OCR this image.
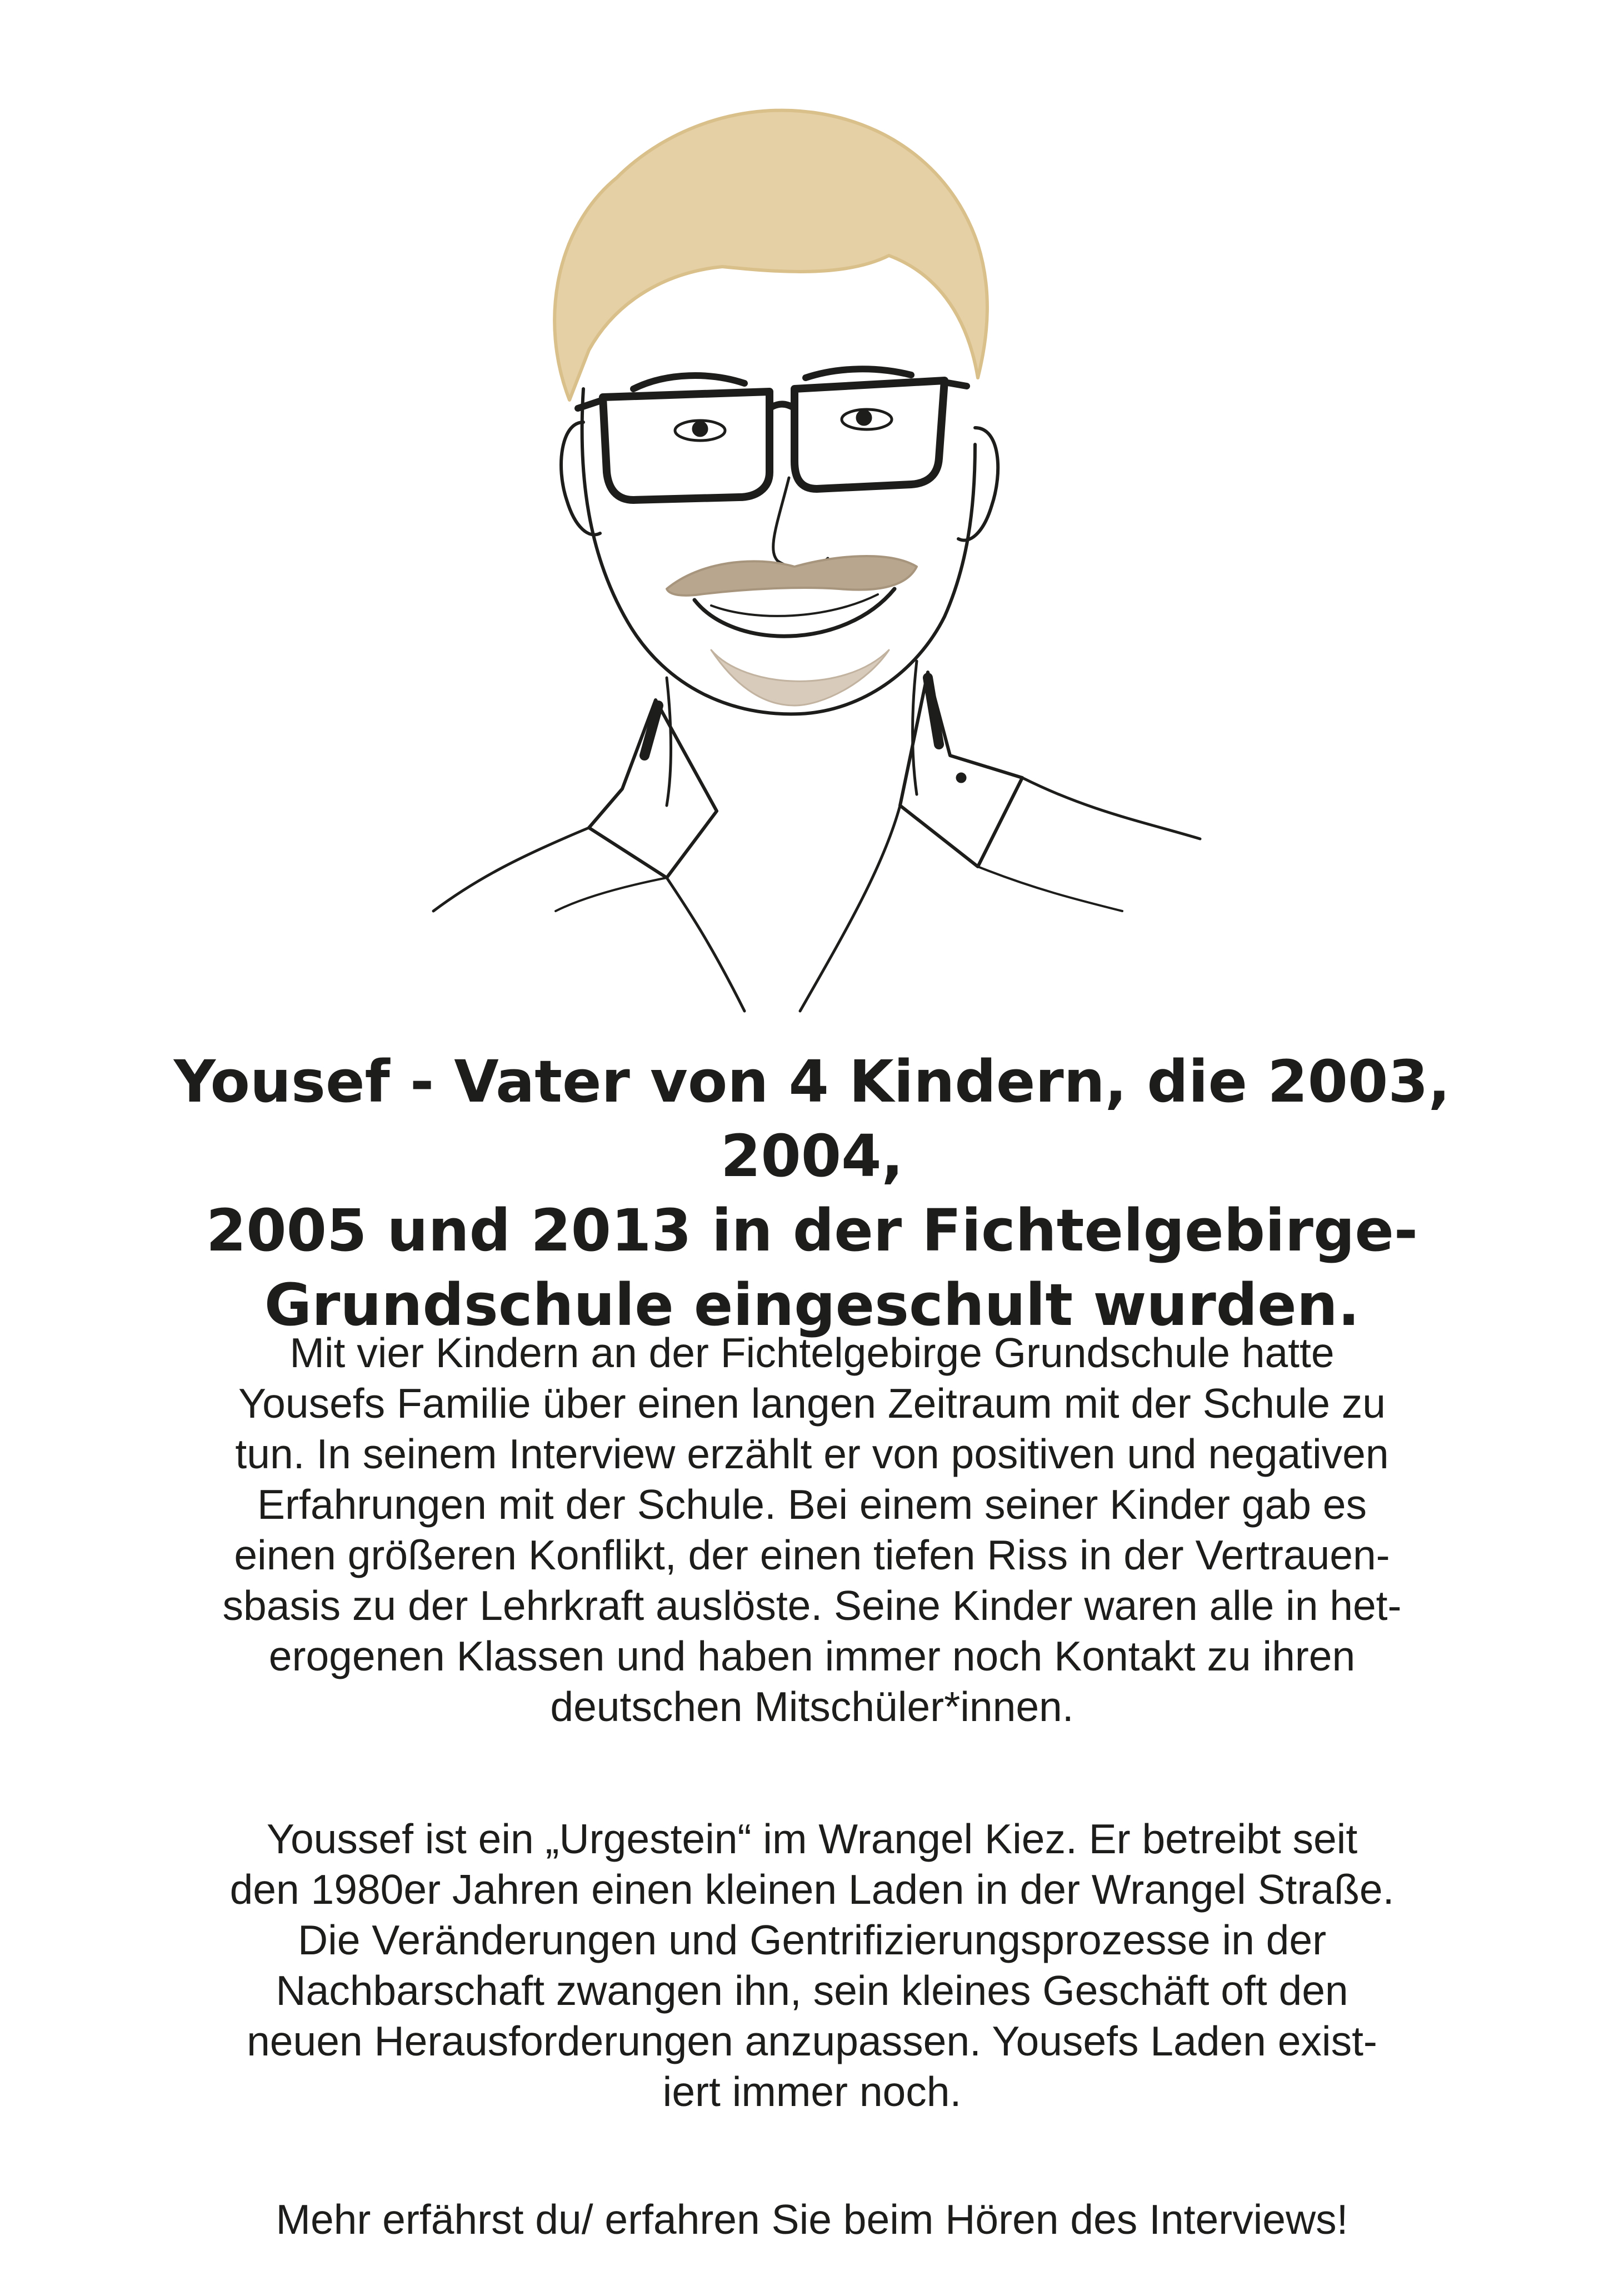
Yousef - Vater von 4 Kindern, die 2003, 2004,
2005 und 2013 in der Fichtelgebirge-
Grundschule eingeschult wurden.
Mit vier Kindern an der Fichtelgebirge Grundschule hatte
Yousefs Familie über einen langen Zeitraum mit der Schule zu
tun. In seinem Interview erzählt er von positiven und negativen
Erfahrungen mit der Schule. Bei einem seiner Kinder gab es
einen größeren Konflikt, der einen tiefen Riss in der Vertrauen-
sbasis zu der Lehrkraft auslöste. Seine Kinder waren alle in het-
erogenen Klassen und haben immer noch Kontakt zu ihren
deutschen Mitschüler*innen.
Youssef ist ein „Urgestein“ im Wrangel Kiez. Er betreibt seit
den 1980er Jahren einen kleinen Laden in der Wrangel Straße.
Die Veränderungen und Gentrifizierungsprozesse in der
Nachbarschaft zwangen ihn, sein kleines Geschäft oft den
neuen Herausforderungen anzupassen. Yousefs Laden exist-
iert immer noch.
Mehr erfährst du/ erfahren Sie beim Hören des Interviews!
